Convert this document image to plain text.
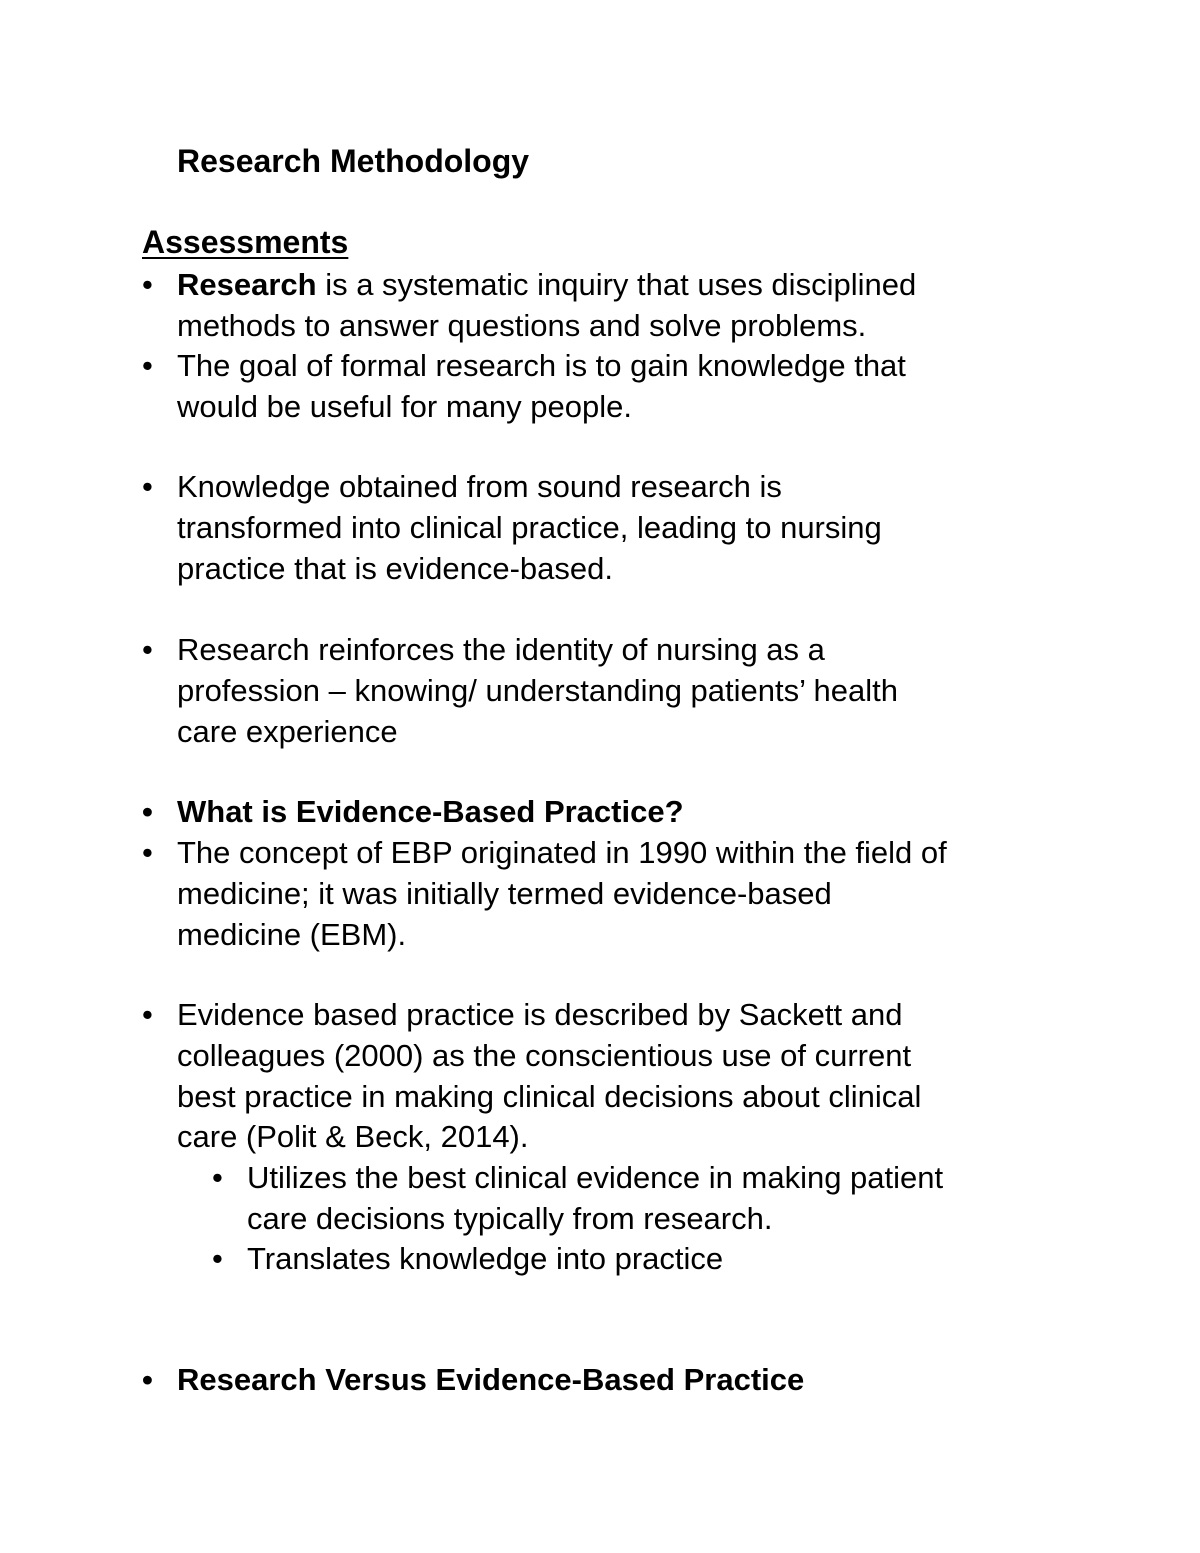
Research Methodology
Assessments
• Research is a systematic inquiry that uses disciplined
methods to answer questions and solve problems.
• The goal of formal research is to gain knowledge that
would be useful for many people.
• Knowledge obtained from sound research is
transformed into clinical practice, leading to nursing
practice that is evidence-based.
• Research reinforces the identity of nursing as a
profession – knowing/ understanding patients’ health
care experience
• What is Evidence-Based Practice?
• The concept of EBP originated in 1990 within the field of
medicine; it was initially termed evidence-based
medicine (EBM).
• Evidence based practice is described by Sackett and
colleagues (2000) as the conscientious use of current
best practice in making clinical decisions about clinical
care (Polit & Beck, 2014).
• Utilizes the best clinical evidence in making patient
care decisions typically from research.
• Translates knowledge into practice
• Research Versus Evidence-Based Practice
